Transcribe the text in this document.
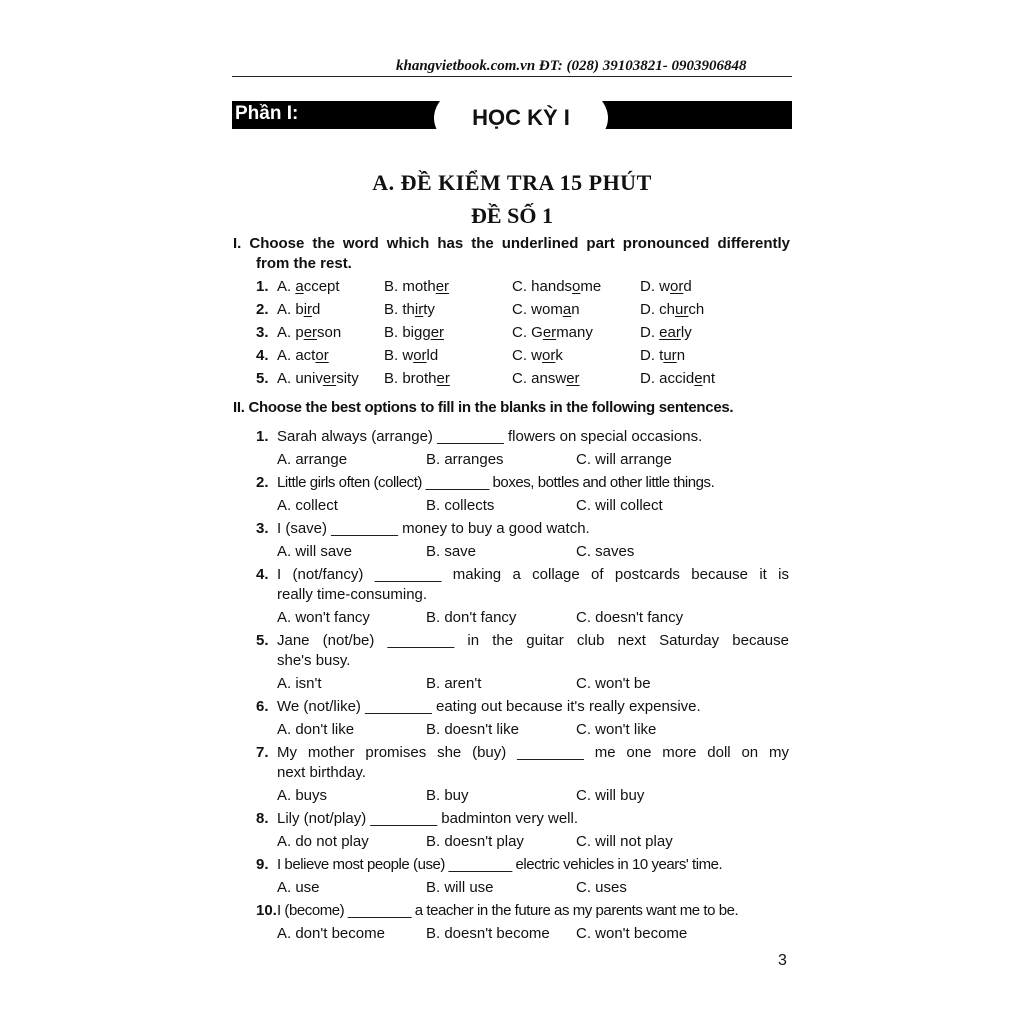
khangvietbook.com.vn ĐT: (028) 39103821- 0903906848
Phần I:	HỌC KỲ I
A. ĐỀ KIỂM TRA 15 PHÚT
ĐỀ SỐ 1
I. Choose the word which has the underlined part pronounced differently
from the rest.
1. A. accept	B. mother	C. handsome	D. word
2. A. bird	B. thirty	C. woman	D. church
3. A. person	B. bigger	C. Germany	D. early
4. A. actor	B. world	C. work	D. turn
5. A. university B. brother	C. answer	D. accident
II. Choose the best options to fill in the blanks in the following sentences.
1. Sarah always (arrange) ________ flowers on special occasions.
A. arrange	B. arranges	C. will arrange
2. Little girls often (collect) ________ boxes, bottles and other little things.
A. collect	B. collects	C. will collect
3. I (save) ________ money to buy a good watch.
A. will save	B. save	C. saves
4. I (not/fancy) ________ making a collage of postcards because it is
really time-consuming.
A. won't fancy	B. don't fancy	C. doesn't fancy
5. Jane (not/be) ________ in the guitar club next Saturday because
she's busy.
A. isn't	B. aren't	C. won't be
6. We (not/like) ________ eating out because it's really expensive.
A. don't like	B. doesn't like	C. won't like
7. My mother promises she (buy) ________ me one more doll on my
next birthday.
A. buys	B. buy	C. will buy
8. Lily (not/play) ________ badminton very well.
A. do not play	B. doesn't play	C. will not play
9. I believe most people (use) ________ electric vehicles in 10 years' time.
A. use	B. will use	C. uses
10. I (become) ________ a teacher in the future as my parents want me to be.
A. don't become	B. doesn't become C. won't become
3
